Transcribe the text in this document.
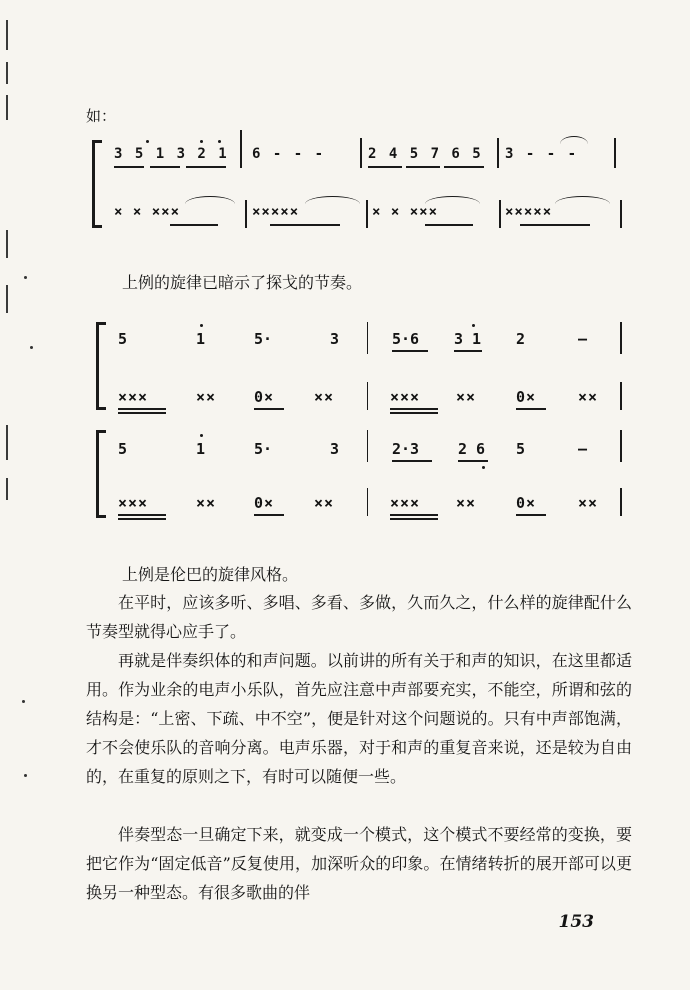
如：
3 5 1 3 2 1 6 - - -	2 4 5 7 6 5 3 - - -
× × ×××	×××××	× × ×××	×××××
上例的旋律已暗示了探戈的节奏。
5	1	5·	3	5·6 3 1 2	–
×××	××	0×	××	××× ××	0×	××
5	1	5·	3	2·3	2 6 5	–
×××	××	0×	××	××× ××	0×	××
上例是伦巴的旋律风格。
在平时，应该多听、多唱、多看、多做，久而久之，什么样的旋律配什么节奏型就得心应手了。
再就是伴奏织体的和声问题。以前讲的所有关于和声的知识，在这里都适用。作为业余的电声小乐队，首先应注意中声部要充实，不能空，所谓和弦的结构是：“上密、下疏、中不空”，便是针对这个问题说的。只有中声部饱满，才不会使乐队的音响分离。电声乐器，对于和声的重复音来说，还是较为自由的，在重复的原则之下，有时可以随便一些。
伴奏型态一旦确定下来，就变成一个模式，这个模式不要经常的变换，要把它作为“固定低音”反复使用，加深听众的印象。在情绪转折的展开部可以更换另一种型态。有很多歌曲的伴
153
